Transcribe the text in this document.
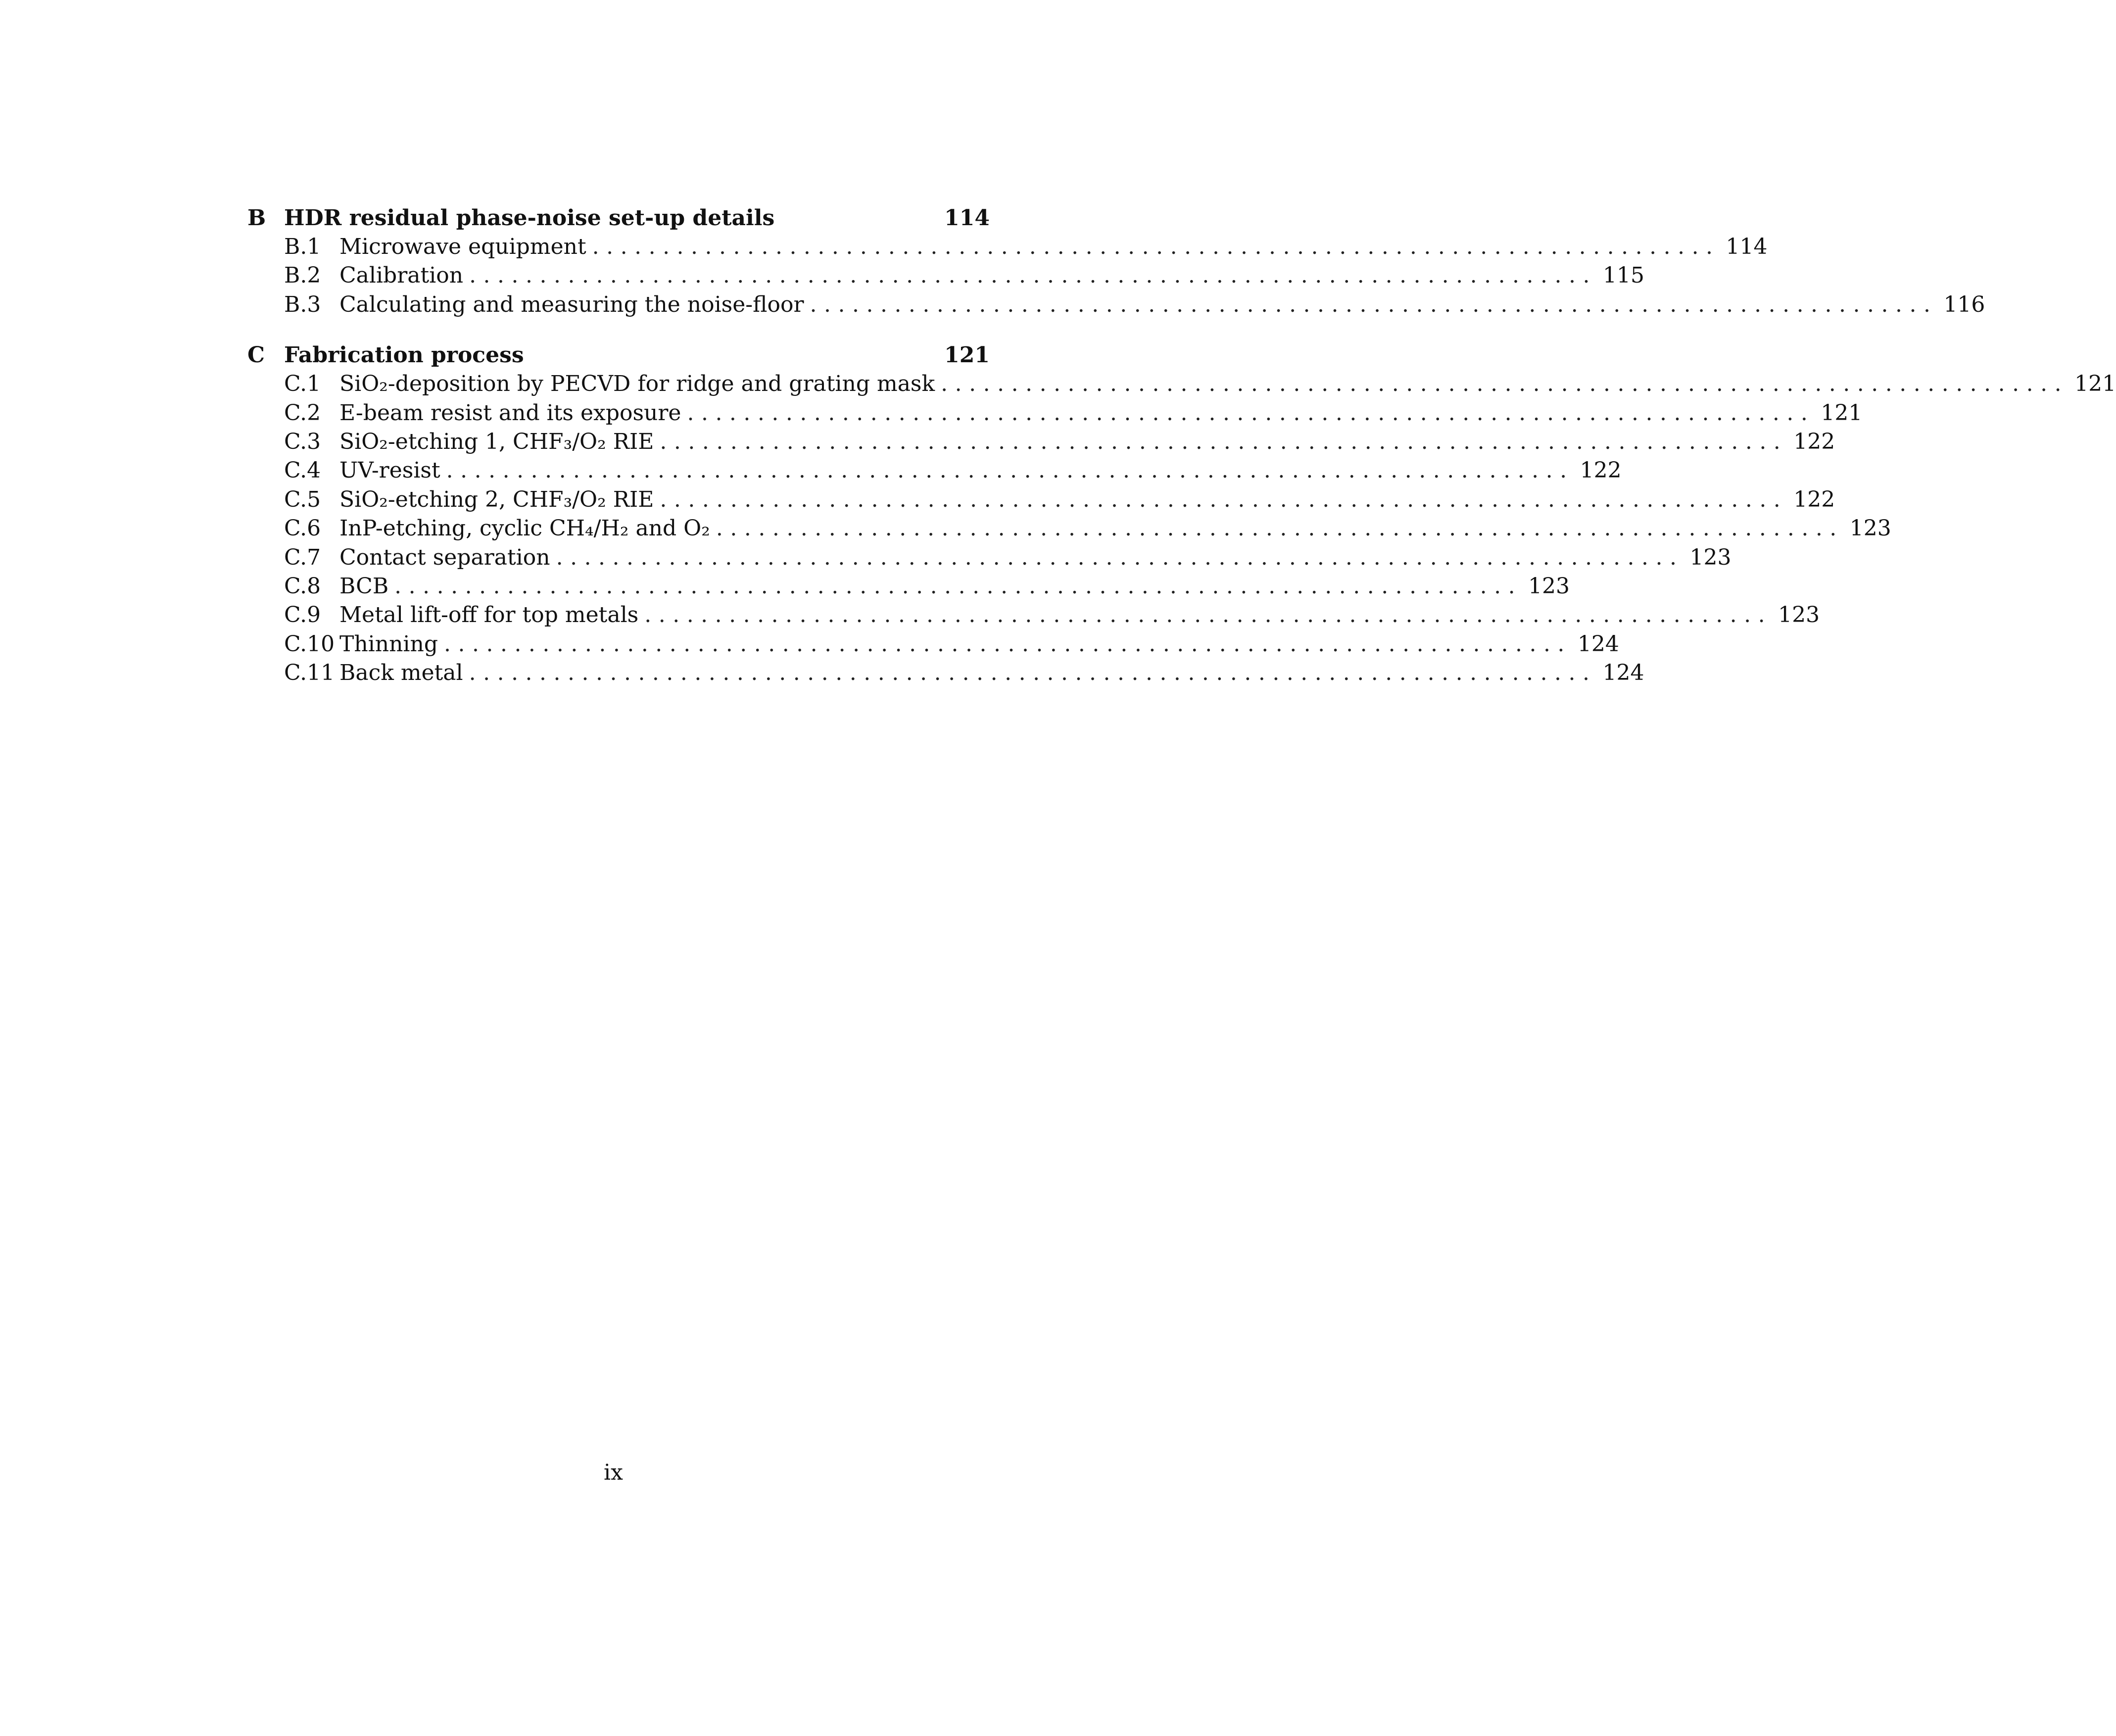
B HDR residual phase-noise set-up details	114
B.1 Microwave equipment ................................................................................ 114
B.2 Calibration ................................................................................ 115
B.3 Calculating and measuring the noise-floor ................................................................................ 116
C Fabrication process	121
C.1 SiO₂-deposition by PECVD for ridge and grating mask ................................................................................ 121
C.2 E-beam resist and its exposure ................................................................................ 121
C.3 SiO₂-etching 1, CHF₃/O₂ RIE ................................................................................ 122
C.4 UV-resist ................................................................................ 122
C.5 SiO₂-etching 2, CHF₃/O₂ RIE ................................................................................ 122
C.6 InP-etching, cyclic CH₄/H₂ and O₂ ................................................................................ 123
C.7 Contact separation ................................................................................ 123
C.8 BCB ................................................................................ 123
C.9 Metal lift-off for top metals ................................................................................ 123
C.10 Thinning ................................................................................ 124
C.11 Back metal ................................................................................ 124
ix
